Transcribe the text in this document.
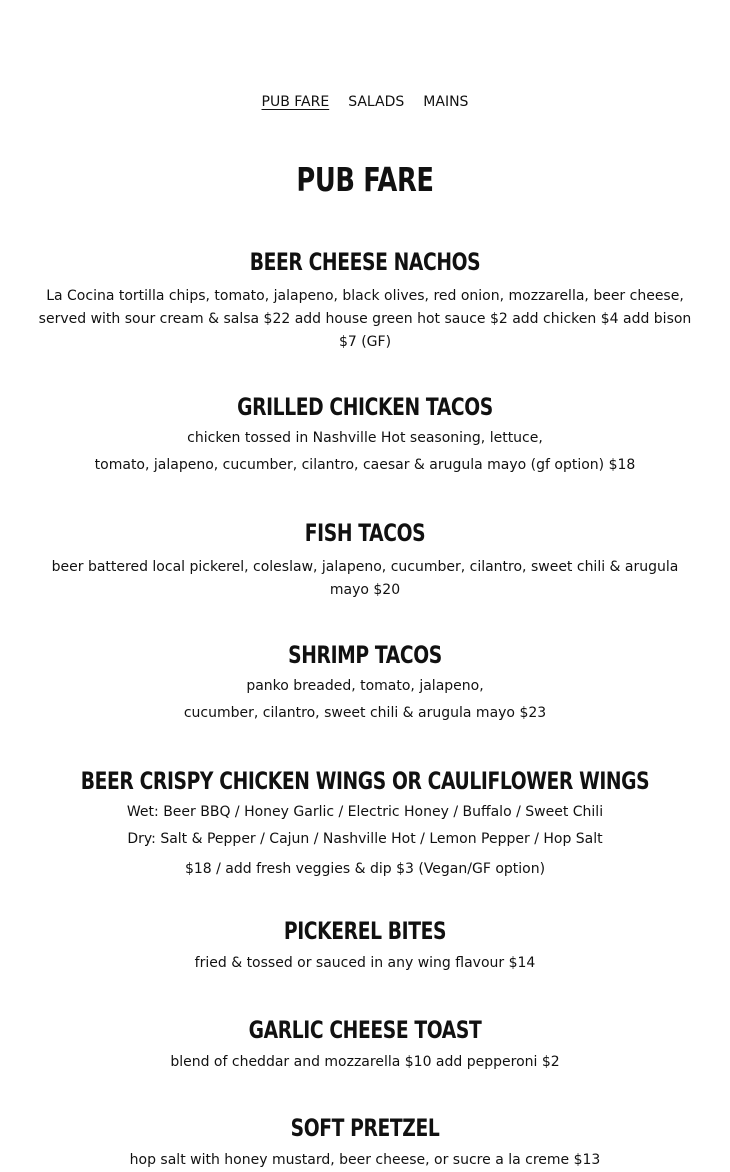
PUB FARE SALADS MAINS
PUB FARE
BEER CHEESE NACHOS

La Cocina tortilla chips, tomato, jalapeno, black olives, red onion, mozzarella, beer cheese, served with sour cream & salsa $22 add house green hot sauce $2 add chicken $4 add bison $7 (GF)

GRILLED CHICKEN TACOS
chicken tossed in Nashville Hot seasoning, lettuce,
tomato, jalapeno, cucumber, cilantro, caesar & arugula mayo (gf option) $18
FISH TACOS

beer battered local pickerel, coleslaw, jalapeno, cucumber, cilantro, sweet chili & arugula mayo $20

SHRIMP TACOS
panko breaded, tomato, jalapeno,
cucumber, cilantro, sweet chili & arugula mayo $23
BEER CRISPY CHICKEN WINGS OR CAULIFLOWER WINGS
Wet: Beer BBQ / Honey Garlic / Electric Honey / Buffalo / Sweet Chili
Dry: Salt & Pepper / Cajun / Nashville Hot / Lemon Pepper / Hop Salt
$18 / add fresh veggies & dip $3 (Vegan/GF option)
PICKEREL BITES
fried & tossed or sauced in any wing flavour $14
GARLIC CHEESE TOAST
blend of cheddar and mozzarella $10 add pepperoni $2
SOFT PRETZEL
hop salt with honey mustard, beer cheese, or sucre a la creme $13
